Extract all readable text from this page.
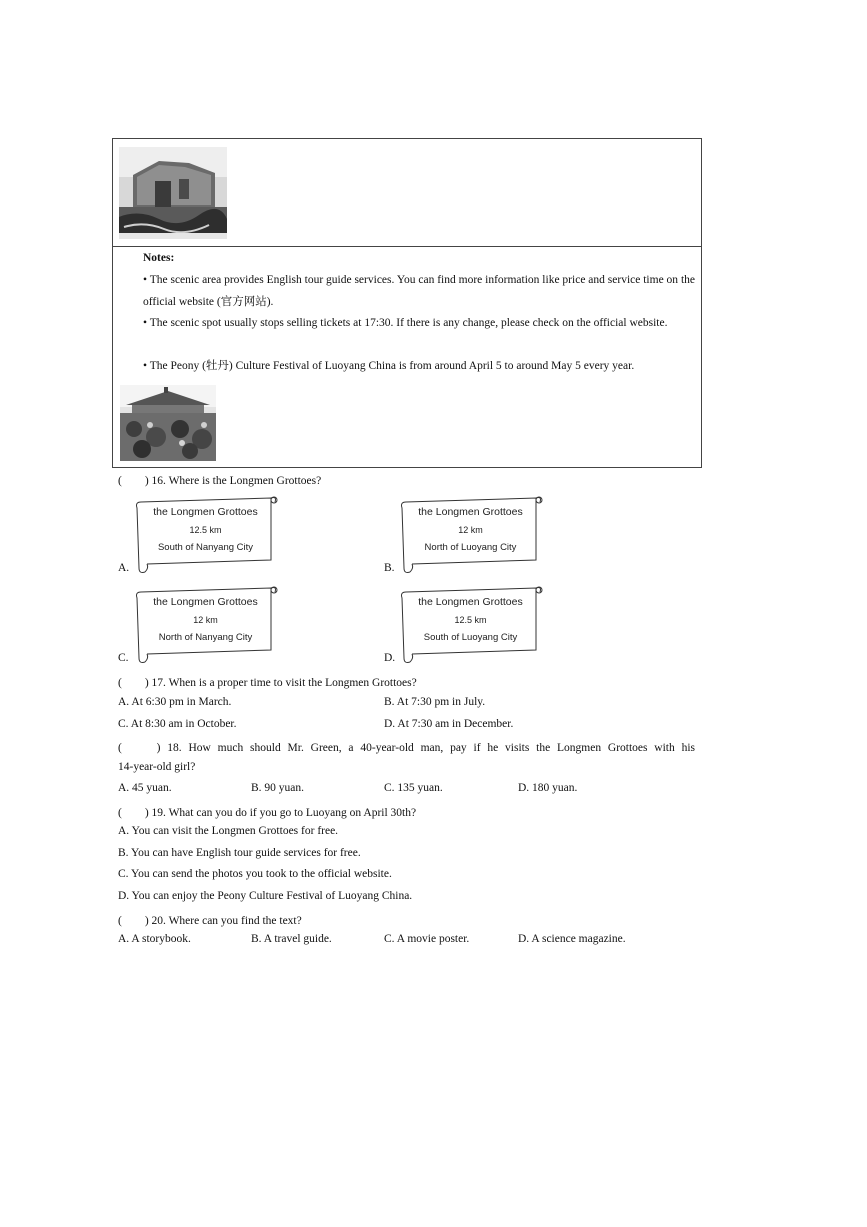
Notes:
• The scenic area provides English tour guide services. You can find more information like price and service time on the official website (官方网站).
• The scenic spot usually stops selling tickets at 17:30. If there is any change, please check on the official website.
• The Peony (牡丹) Culture Festival of Luoyang China is from around April 5 to around May 5 every year.
(　　) 16. Where is the Longmen Grottoes?
the Longmen Grottoes
12.5 km
South of Nanyang City
A.
the Longmen Grottoes
12 km
North of Luoyang City
B.
the Longmen Grottoes
12 km
North of Nanyang City
C.
the Longmen Grottoes
12.5 km
South of Luoyang City
D.
(　　) 17. When is a proper time to visit the Longmen Grottoes?
A. At 6:30 pm in March.	B. At 7:30 pm in July.
C. At 8:30 am in October.	D. At 7:30 am in December.
(　　) 18. How much should Mr. Green, a 40-year-old man, pay if he visits the Longmen Grottoes with his
14-year-old girl?
A. 45 yuan.	B. 90 yuan.	C. 135 yuan.	D. 180 yuan.
(　　) 19. What can you do if you go to Luoyang on April 30th?
A. You can visit the Longmen Grottoes for free.
B. You can have English tour guide services for free.
C. You can send the photos you took to the official website.
D. You can enjoy the Peony Culture Festival of Luoyang China.
(　　) 20. Where can you find the text?
A. A storybook.	B. A travel guide.	C. A movie poster.	D. A science magazine.
